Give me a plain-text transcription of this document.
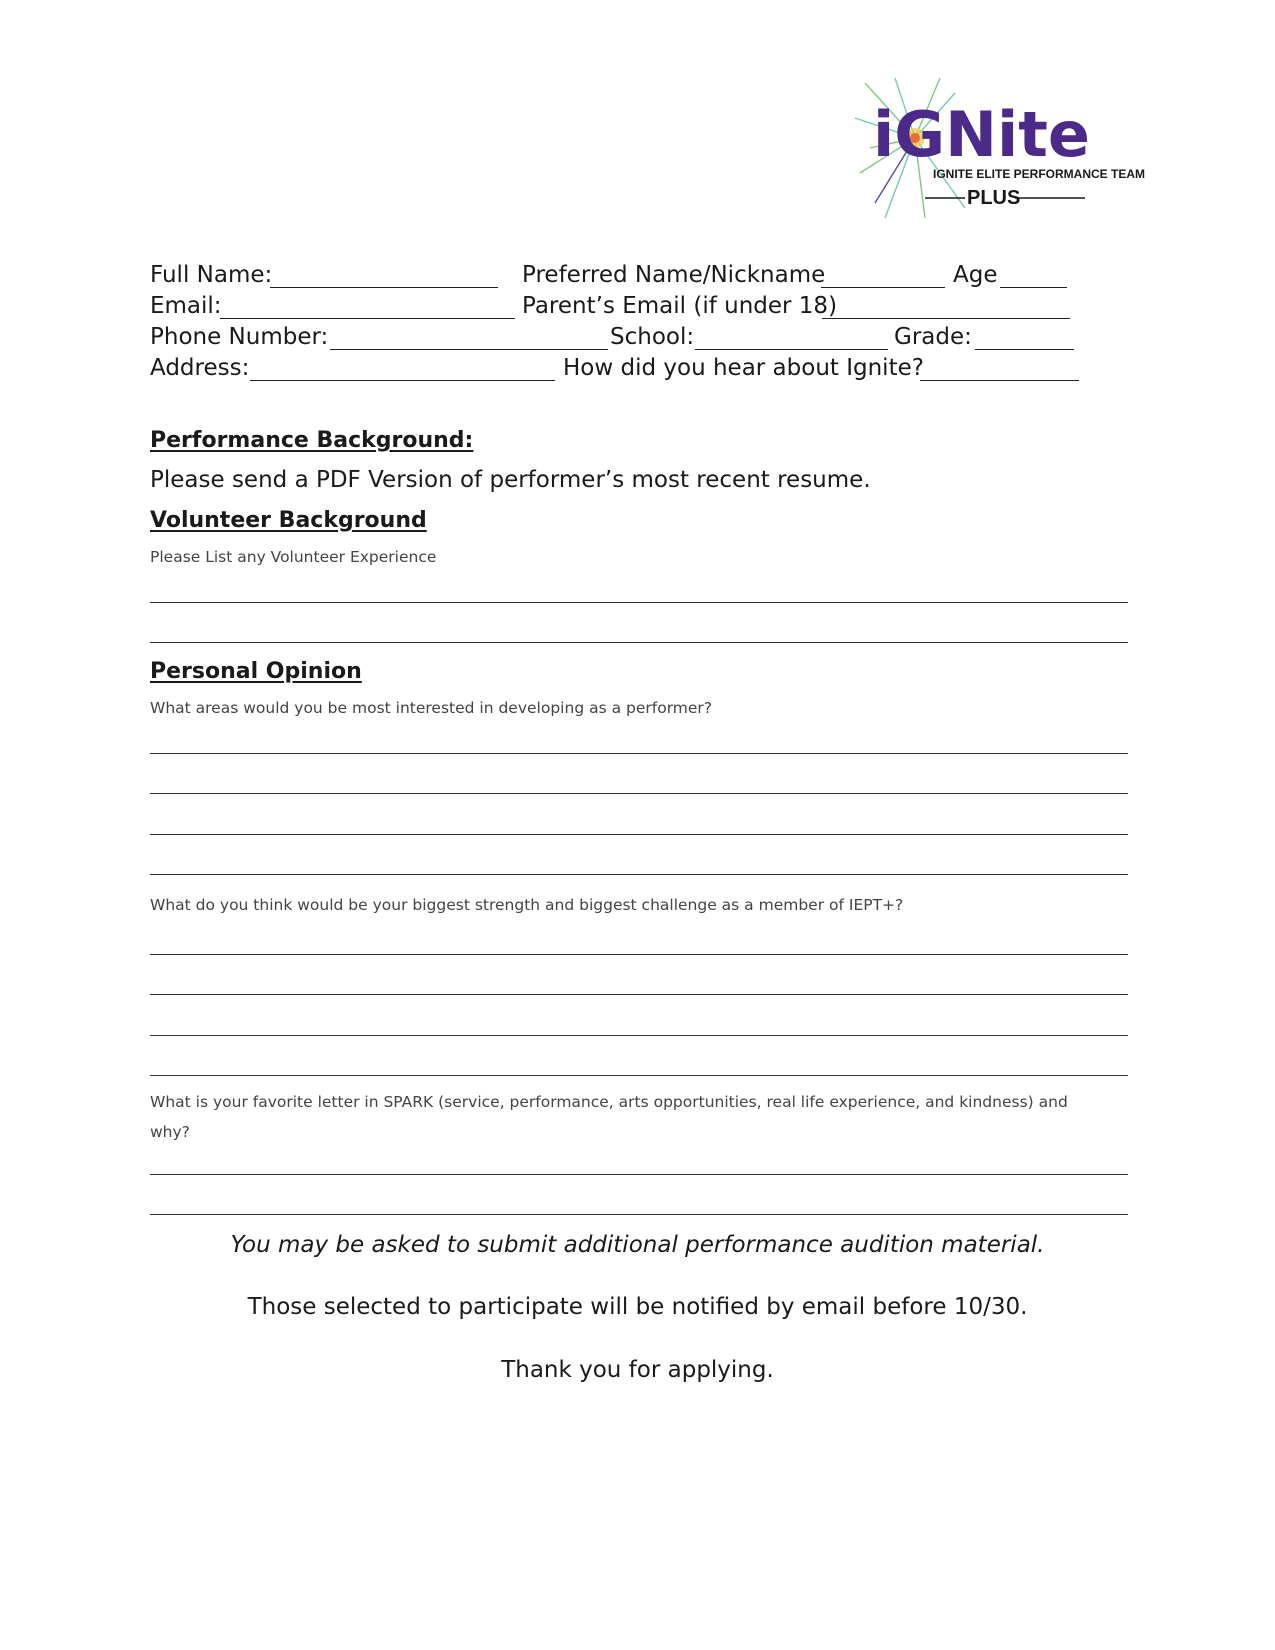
iGNite
IGNITE ELITE PERFORMANCE TEAM
PLUS
Full Name:	Preferred Name/Nickname	Age
Email:	Parent’s Email (if under 18)
Phone Number:	School:	Grade:
Address:	How did you hear about Ignite?
Performance Background:
Please send a PDF Version of performer’s most recent resume.
Volunteer Background
Please List any Volunteer Experience
Personal Opinion
What areas would you be most interested in developing as a performer?
What do you think would be your biggest strength and biggest challenge as a member of IEPT+?
What is your favorite letter in SPARK (service, performance, arts opportunities, real life experience, and kindness) and
why?
You may be asked to submit additional performance audition material.
Those selected to participate will be notified by email before 10/30.
Thank you for applying.
